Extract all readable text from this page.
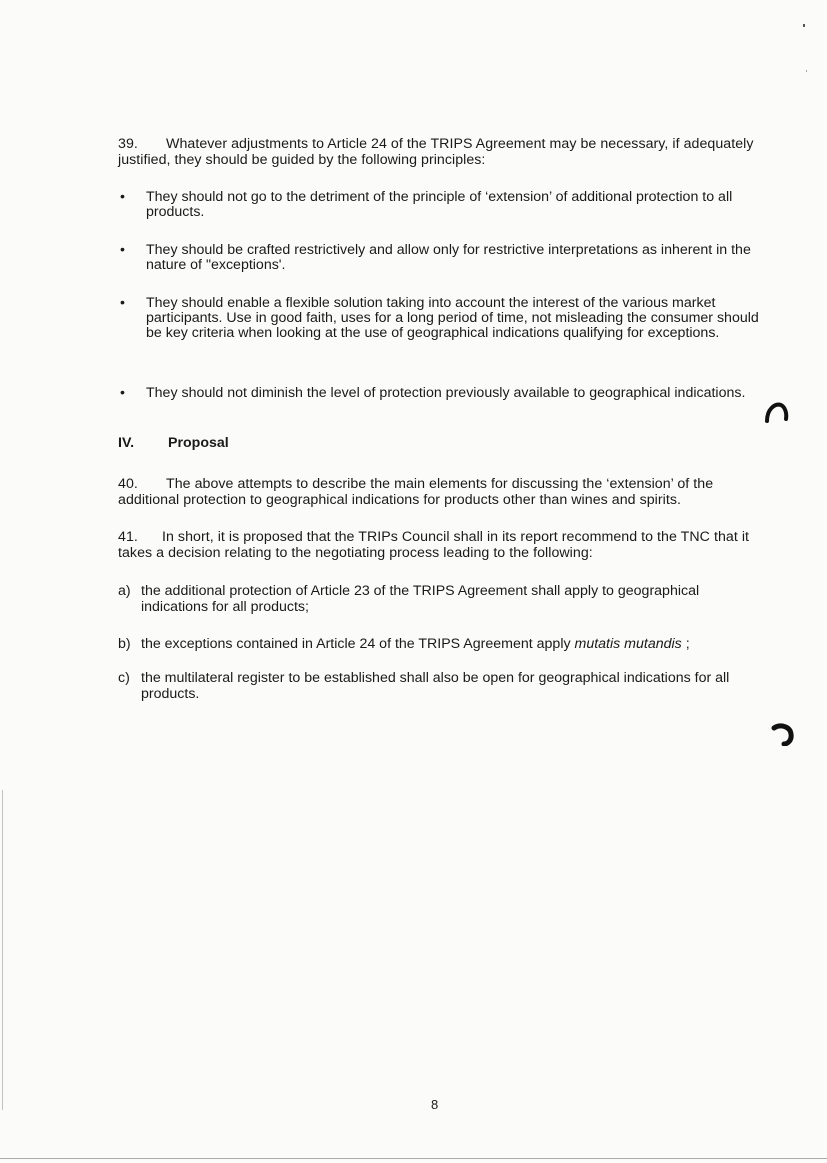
39. Whatever adjustments to Article 24 of the TRIPS Agreement may be necessary, if adequately justified, they should be guided by the following principles:
•	They should not go to the detriment of the principle of ‘extension’ of additional protection to all products.
•	They should be crafted restrictively and allow only for restrictive interpretations as inherent in the nature of "exceptions'.
•	They should enable a flexible solution taking into account the interest of the various market participants. Use in good faith, uses for a long period of time, not misleading the consumer should be key criteria when looking at the use of geographical indications qualifying for exceptions.
•	They should not diminish the level of protection previously available to geographical indications.
IV. Proposal
40. The above attempts to describe the main elements for discussing the ‘extension’ of the additional protection to geographical indications for products other than wines and spirits.
41. In short, it is proposed that the TRIPs Council shall in its report recommend to the TNC that it takes a decision relating to the negotiating process leading to the following:
a) the additional protection of Article 23 of the TRIPS Agreement shall apply to geographical indications for all products;
b) the exceptions contained in Article 24 of the TRIPS Agreement apply mutatis mutandis ;
c) the multilateral register to be established shall also be open for geographical indications for all products.
8
